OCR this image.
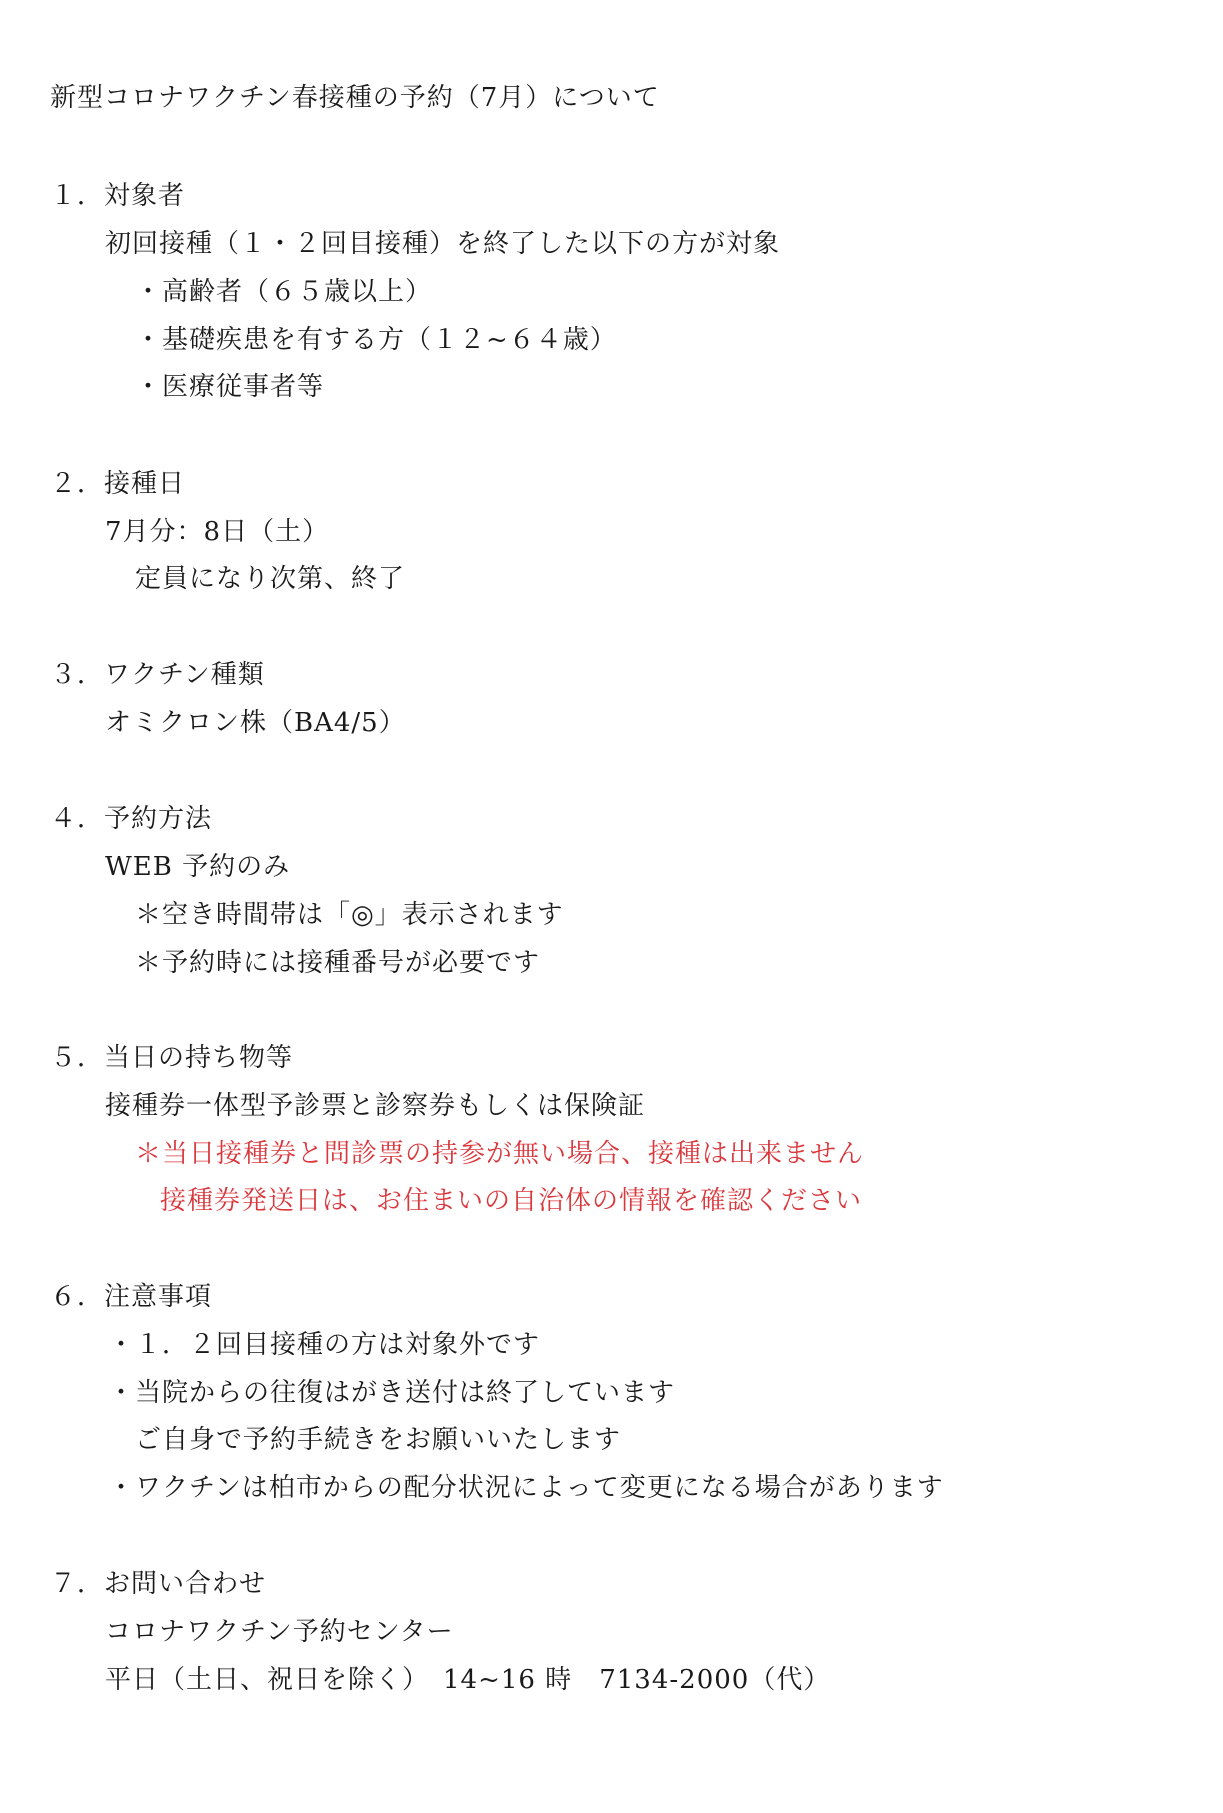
新型コロナワクチン春接種の予約（7月）について
１．対象者
初回接種（１・２回目接種）を終了した以下の方が対象
・高齢者（６５歳以上）
・基礎疾患を有する方（１２~６４歳）
・医療従事者等
２．接種日
7月分：8日（土）
定員になり次第、終了
３．ワクチン種類
オミクロン株（BA4/5）
４．予約方法
WEB 予約のみ
＊空き時間帯は「◎」表示されます
＊予約時には接種番号が必要です
５．当日の持ち物等
接種券一体型予診票と診察券もしくは保険証
＊当日接種券と問診票の持参が無い場合、接種は出来ません
接種券発送日は、お住まいの自治体の情報を確認ください
６．注意事項
・１．２回目接種の方は対象外です
・当院からの往復はがき送付は終了しています
ご自身で予約手続きをお願いいたします
・ワクチンは柏市からの配分状況によって変更になる場合があります
７．お問い合わせ
コロナワクチン予約センター
平日（土日、祝日を除く）　14~16 時　7134-2000（代）
